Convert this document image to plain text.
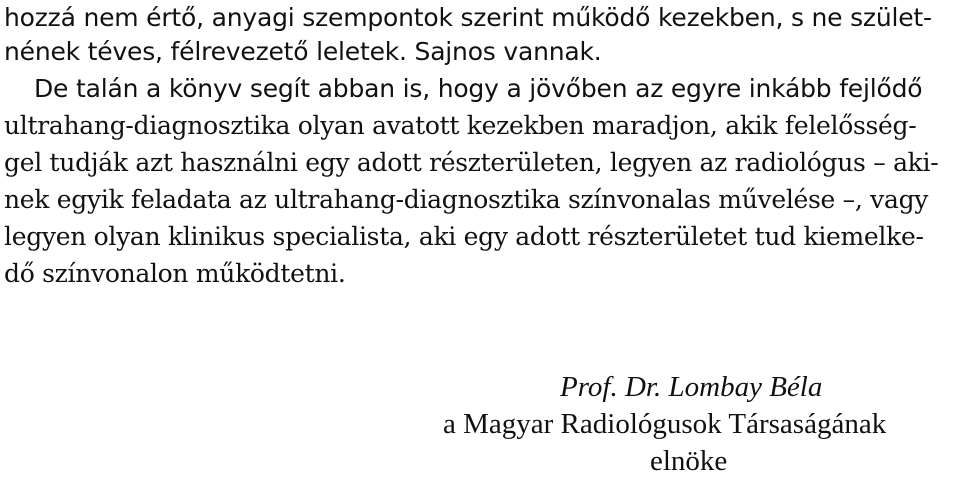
hozzá nem értő, anyagi szempontok szerint működő kezekben, s ne szület-
nének téves, félrevezető leletek. Sajnos vannak.
De talán a könyv segít abban is, hogy a jövőben az egyre inkább fejlődő
ultrahang-diagnosztika olyan avatott kezekben maradjon, akik felelősség-
gel tudják azt használni egy adott részterületen, legyen az radiológus – aki-
nek egyik feladata az ultrahang-diagnosztika színvonalas művelése –, vagy
legyen olyan klinikus specialista, aki egy adott részterületet tud kiemelke-
dő színvonalon működtetni.
Prof. Dr. Lombay Béla
a Magyar Radiológusok Társaságának
elnöke
